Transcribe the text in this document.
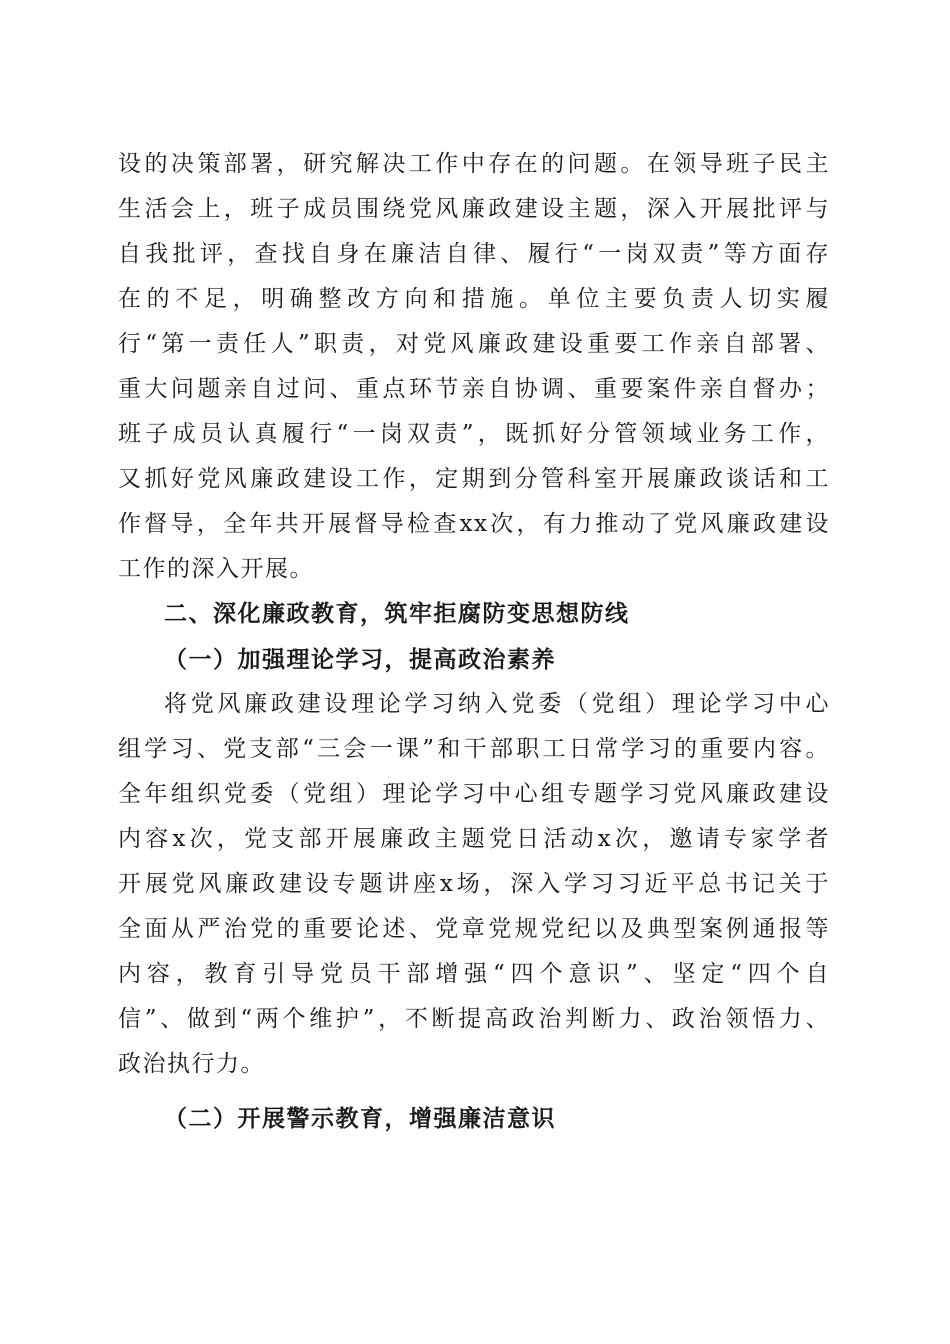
设的决策部署，研究解决工作中存在的问题。在领导班子民主
生活会上，班子成员围绕党风廉政建设主题，深入开展批评与
自我批评，查找自身在廉洁自律、履行“一岗双责”等方面存
在的不足，明确整改方向和措施。单位主要负责人切实履
行“第一责任人”职责，对党风廉政建设重要工作亲自部署、
重大问题亲自过问、重点环节亲自协调、重要案件亲自督办；
班子成员认真履行“一岗双责”，既抓好分管领域业务工作，
又抓好党风廉政建设工作，定期到分管科室开展廉政谈话和工
作督导，全年共开展督导检查xx次，有力推动了党风廉政建设
工作的深入开展。
二、深化廉政教育，筑牢拒腐防变思想防线
（一）加强理论学习，提高政治素养
将党风廉政建设理论学习纳入党委（党组）理论学习中心
组学习、党支部“三会一课”和干部职工日常学习的重要内容。
全年组织党委（党组）理论学习中心组专题学习党风廉政建设
内容x次，党支部开展廉政主题党日活动x次，邀请专家学者
开展党风廉政建设专题讲座x场，深入学习习近平总书记关于
全面从严治党的重要论述、党章党规党纪以及典型案例通报等
内容，教育引导党员干部增强“四个意识”、坚定“四个自
信”、做到“两个维护”，不断提高政治判断力、政治领悟力、
政治执行力。
（二）开展警示教育，增强廉洁意识
